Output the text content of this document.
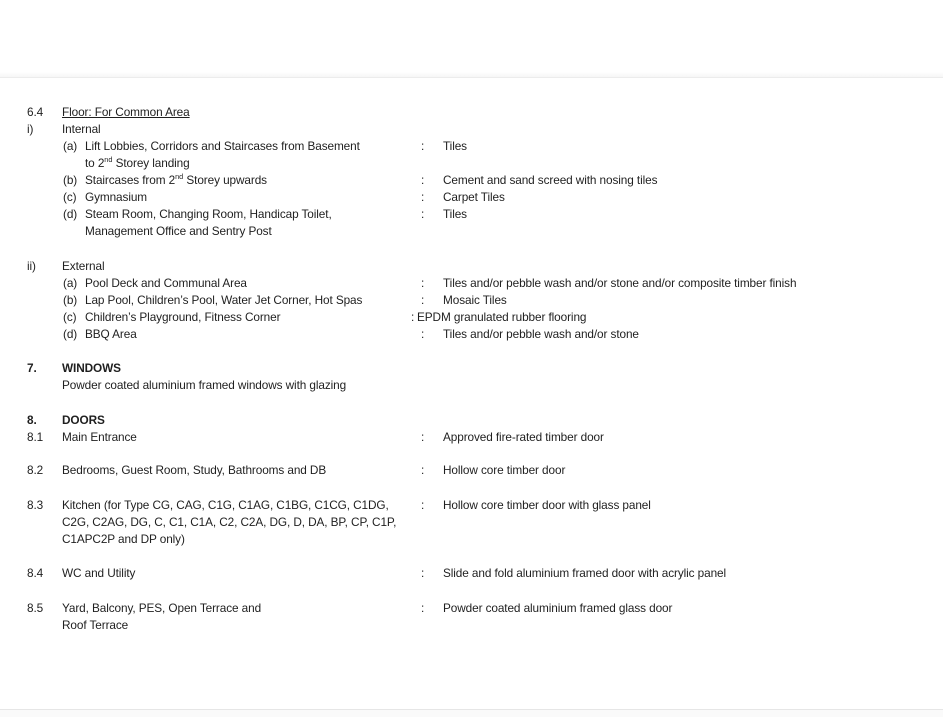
6.4 Floor: For Common Area
i) Internal
(a) Lift Lobbies, Corridors and Staircases from Basement	: Tiles
to 2nd Storey landing
(b) Staircases from 2nd Storey upwards	: Cement and sand screed with nosing tiles
(c) Gymnasium	: Carpet Tiles
(d) Steam Room, Changing Room, Handicap Toilet,	: Tiles
Management Office and Sentry Post
ii) External
(a) Pool Deck and Communal Area	: Tiles and/or pebble wash and/or stone and/or composite timber finish
(b) Lap Pool, Children’s Pool, Water Jet Corner, Hot Spas	: Mosaic Tiles
(c) Children’s Playground, Fitness Corner	: EPDM granulated rubber flooring
(d) BBQ Area	: Tiles and/or pebble wash and/or stone
7. WINDOWS
Powder coated aluminium framed windows with glazing
8. DOORS
8.1 Main Entrance	: Approved fire-rated timber door
8.2 Bedrooms, Guest Room, Study, Bathrooms and DB	: Hollow core timber door
8.3 Kitchen (for Type CG, CAG, C1G, C1AG, C1BG, C1CG, C1DG,	: Hollow core timber door with glass panel
C2G, C2AG, DG, C, C1, C1A, C2, C2A, DG, D, DA, BP, CP, C1P,
C1APC2P and DP only)
8.4 WC and Utility	: Slide and fold aluminium framed door with acrylic panel
8.5 Yard, Balcony, PES, Open Terrace and	: Powder coated aluminium framed glass door
Roof Terrace
